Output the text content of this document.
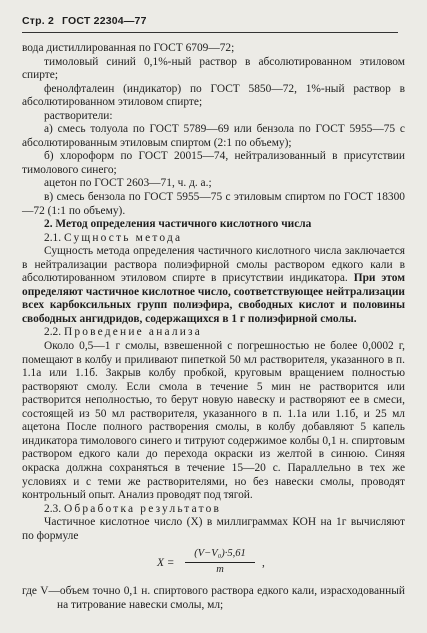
Стр. 2 ГОСТ 22304—77

вода дистиллированная по ГОСТ 6709—72;

тимоловый синий 0,1%-ный раствор в абсолютированном этиловом спирте;

фенолфталеин (индикатор) по ГОСТ 5850—72, 1%-ный раствор в абсолютированном этиловом спирте;

растворители:

а) смесь толуола по ГОСТ 5789—69 или бензола по ГОСТ 5955—75 с абсолютированным этиловым спиртом (2:1 по объему);

б) хлороформ по ГОСТ 20015—74, нейтрализованный в присутствии тимолового синего;

ацетон по ГОСТ 2603—71, ч. д. а.;

в) смесь бензола по ГОСТ 5955—75 с этиловым спиртом по ГОСТ 18300—72 (1:1 по объему).

2. Метод определения частичного кислотного числа

2.1. Сущность метода

Сущность метода определения частичного кислотного числа заключается в нейтрализации раствора полиэфирной смолы раствором едкого кали в абсолютированном этиловом спирте в присутствии индикатора. При этом определяют частичное кислотное число, соответствующее нейтрализации всех карбоксильных групп полиэфира, свободных кислот и половины свободных ангидридов, содержащихся в 1 г полиэфирной смолы.

2.2. Проведение анализа

Около 0,5—1 г смолы, взвешенной с погрешностью не более 0,0002 г, помещают в колбу и приливают пипеткой 50 мл растворителя, указанного в п. 1.1а или 1.1б. Закрыв колбу пробкой, круговым вращением полностью растворяют смолу. Если смола в течение 5 мин не растворится или растворится неполностью, то берут новую навеску и растворяют ее в смеси, состоящей из 50 мл растворителя, указанного в п. 1.1а или 1.1б, и 25 мл ацетона После полного растворения смолы, в колбу добавляют 5 капель индикатора тимолового синего и титруют содержимое колбы 0,1 н. спиртовым раствором едкого кали до перехода окраски из желтой в синюю. Синяя окраска должна сохраняться в течение 15—20 с. Параллельно в тех же условиях и с теми же растворителями, но без навески смолы, проводят контрольный опыт. Анализ проводят под тягой.

2.3. Обработка результатов

Частичное кислотное число (X) в миллиграммах КОН на 1г вычисляют по формуле

$X = \frac{\text{(V−V₀)·5,61}}{m}$ ,

где V—объем точно 0,1 н. спиртового раствора едкого кали, израсходованный на титрование навески смолы, мл;
